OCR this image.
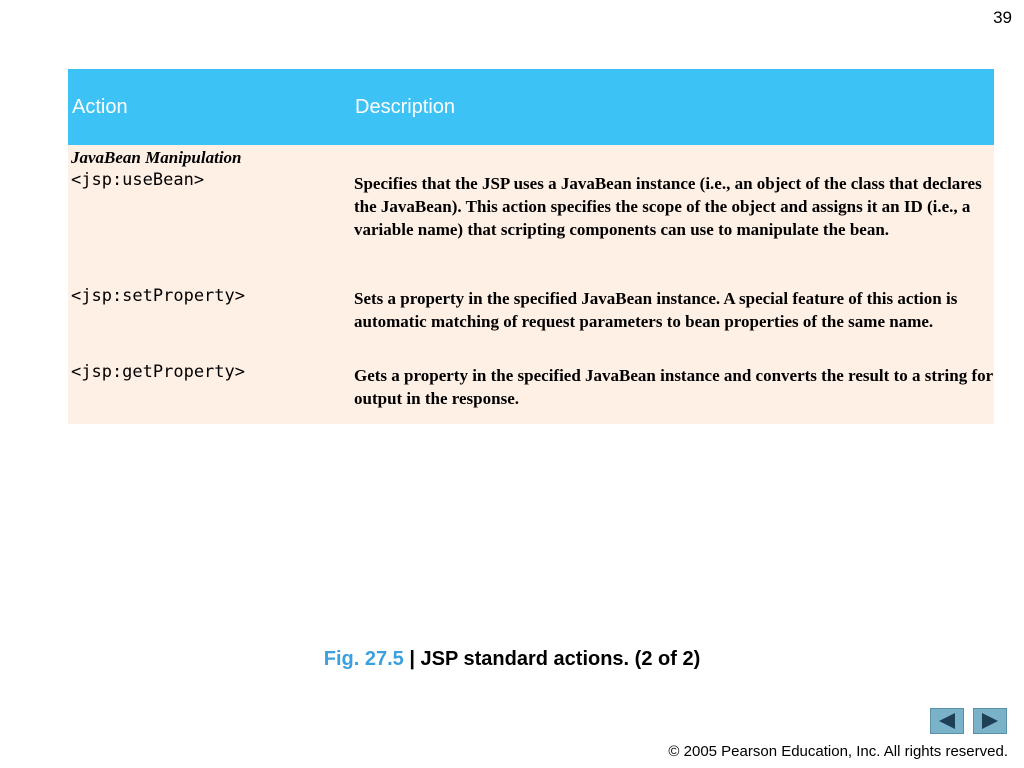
39
Action	Description
JavaBean Manipulation
<jsp:useBean>	Specifies that the JSP uses a JavaBean instance (i.e., an object of the class that declares the JavaBean). This action specifies the scope of the object and assigns it an ID (i.e., a variable name) that scripting components can use to manipulate the bean.
<jsp:setProperty>	Sets a property in the specified JavaBean instance. A special feature of this action is automatic matching of request parameters to bean properties of the same name.
<jsp:getProperty>	Gets a property in the specified JavaBean instance and converts the result to a string for output in the response.
Fig. 27.5 | JSP standard actions. (2 of 2)
© 2005 Pearson Education, Inc. All rights reserved.
